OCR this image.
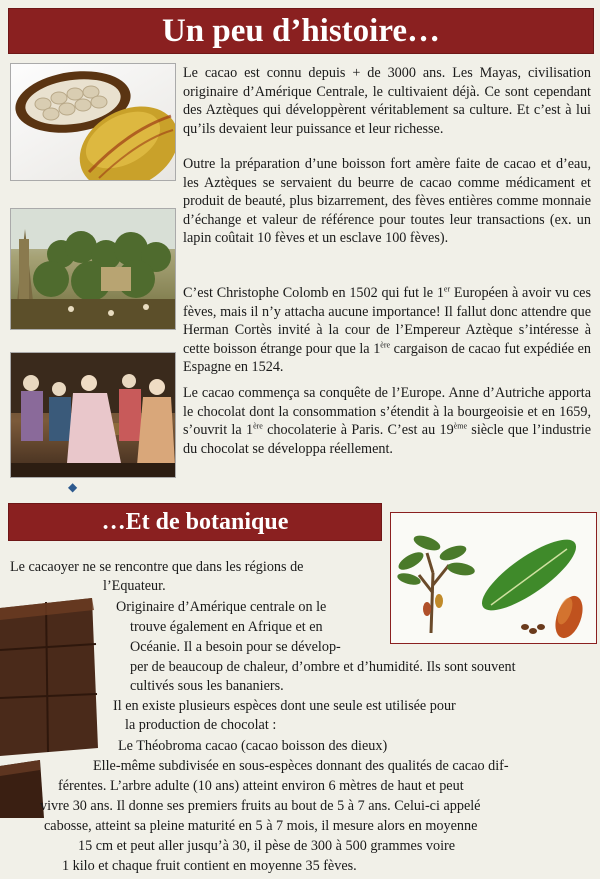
Un peu d’histoire…
◆

Le cacao est connu depuis + de 3000 ans. Les Mayas, civilisation originaire d’Amérique Centrale, le cultivaient déjà. Ce sont cependant des Aztèques qui développèrent véritablement sa culture. Et c’est à lui qu’ils devaient leur puissance et leur richesse.

Outre la préparation d’une boisson fort amère faite de cacao et d’eau, les Aztèques se servaient du beurre de cacao comme médicament et produit de beauté, plus bizarrement, des fèves entières comme monnaie d’échange et valeur de référence pour toutes leur transactions (ex. un lapin coûtait 10 fèves et un esclave 100 fèves).

C’est Christophe Colomb en 1502 qui fut le 1er Européen à avoir vu ces fèves, mais il n’y attacha aucune importance! Il fallut donc attendre que Herman Cortès invité à la cour de l’Empereur Aztèque s’intéresse à cette boisson étrange pour que la 1ère cargaison de cacao fut expédiée en Espagne en 1524.

Le cacao commença sa conquête de l’Europe. Anne d’Autriche apporta le chocolat dont la consommation s’étendit à la bourgeoisie et en 1659, s’ouvrit la 1ère chocolaterie à Paris. C’est au 19ème siècle que l’industrie du chocolat se développa réellement.

…Et de botanique

Le cacaoyer ne se rencontre que dans les régions de

l’Equateur.

Originaire d’Amérique centrale on le

trouve également en Afrique et en

Océanie. Il a besoin pour se dévelop-

per de beaucoup de chaleur, d’ombre et d’humidité. Ils sont souvent

cultivés sous les bananiers.

Il en existe plusieurs espèces dont une seule est utilisée pour

la production de chocolat :

Le Théobroma cacao (cacao boisson des dieux)

Elle-même subdivisée en sous-espèces donnant des qualités de cacao dif-

férentes. L’arbre adulte (10 ans) atteint environ 6 mètres de haut et peut

vivre 30 ans. Il donne ses premiers fruits au bout de 5 à 7 ans. Celui-ci appelé

cabosse, atteint sa pleine maturité en 5 à 7 mois, il mesure alors en moyenne

15 cm et peut aller jusqu’à 30, il pèse de 300 à 500 grammes voire

1 kilo et chaque fruit contient en moyenne 35 fèves.
